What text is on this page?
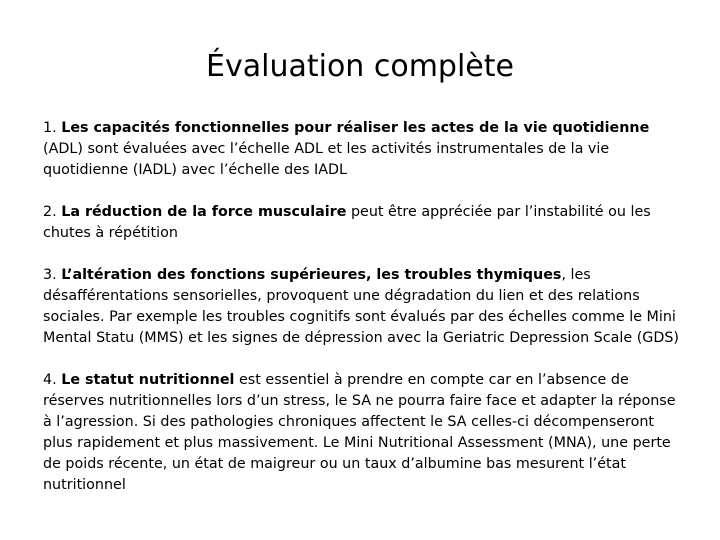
Évaluation complète

1. Les capacités fonctionnelles pour réaliser les actes de la vie quotidienne (ADL) sont évaluées avec l’échelle ADL et les activités instrumentales de la vie quotidienne (IADL) avec l’échelle des IADL

2. La réduction de la force musculaire peut être appréciée par l’instabilité ou les chutes à répétition

3. L’altération des fonctions supérieures, les troubles thymiques, les désafférentations sensorielles, provoquent une dégradation du lien et des relations sociales. Par exemple les troubles cognitifs sont évalués par des échelles comme le Mini Mental Statu (MMS) et les signes de dépression avec la Geriatric Depression Scale (GDS)

4. Le statut nutritionnel est essentiel à prendre en compte car en l’absence de réserves nutritionnelles lors d’un stress, le SA ne pourra faire face et adapter la réponse à l’agression. Si des pathologies chroniques affectent le SA celles-ci décompenseront plus rapidement et plus massivement. Le Mini Nutritional Assessment (MNA), une perte de poids récente, un état de maigreur ou un taux d’albumine bas mesurent l’état nutritionnel
